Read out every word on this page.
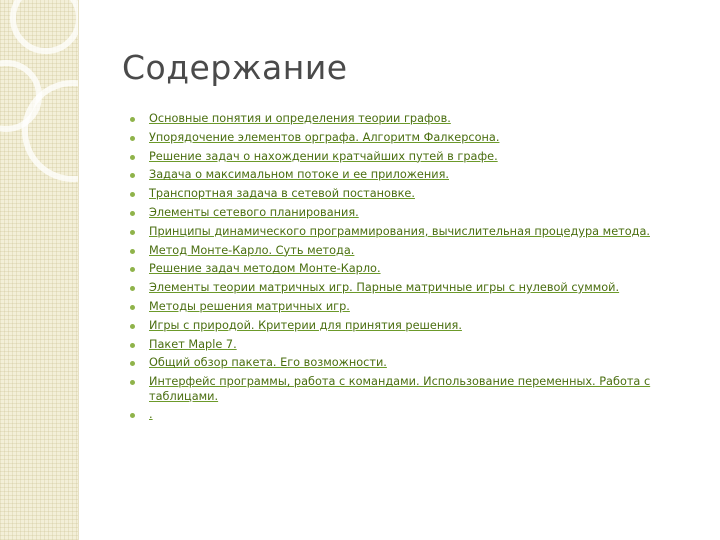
Содержание
Основные понятия и определения теории графов.
Упорядочение элементов орграфа. Алгоритм Фалкерсона.
Решение задач о нахождении кратчайших путей в графе.
Задача о максимальном потоке и ее приложения.
Транспортная задача в сетевой постановке.
Элементы сетевого планирования.
Принципы динамического программирования, вычислительная процедура метода.
Метод Монте-Карло. Суть метода.
Решение задач методом Монте-Карло.
Элементы теории матричных игр. Парные матричные игры с нулевой суммой.
Методы решения матричных игр.
Игры с природой. Критерии для принятия решения.
Пакет Maple 7.
Общий обзор пакета. Его возможности.
Интерфейс программы, работа с командами. Использование переменных. Работа с таблицами.
.
